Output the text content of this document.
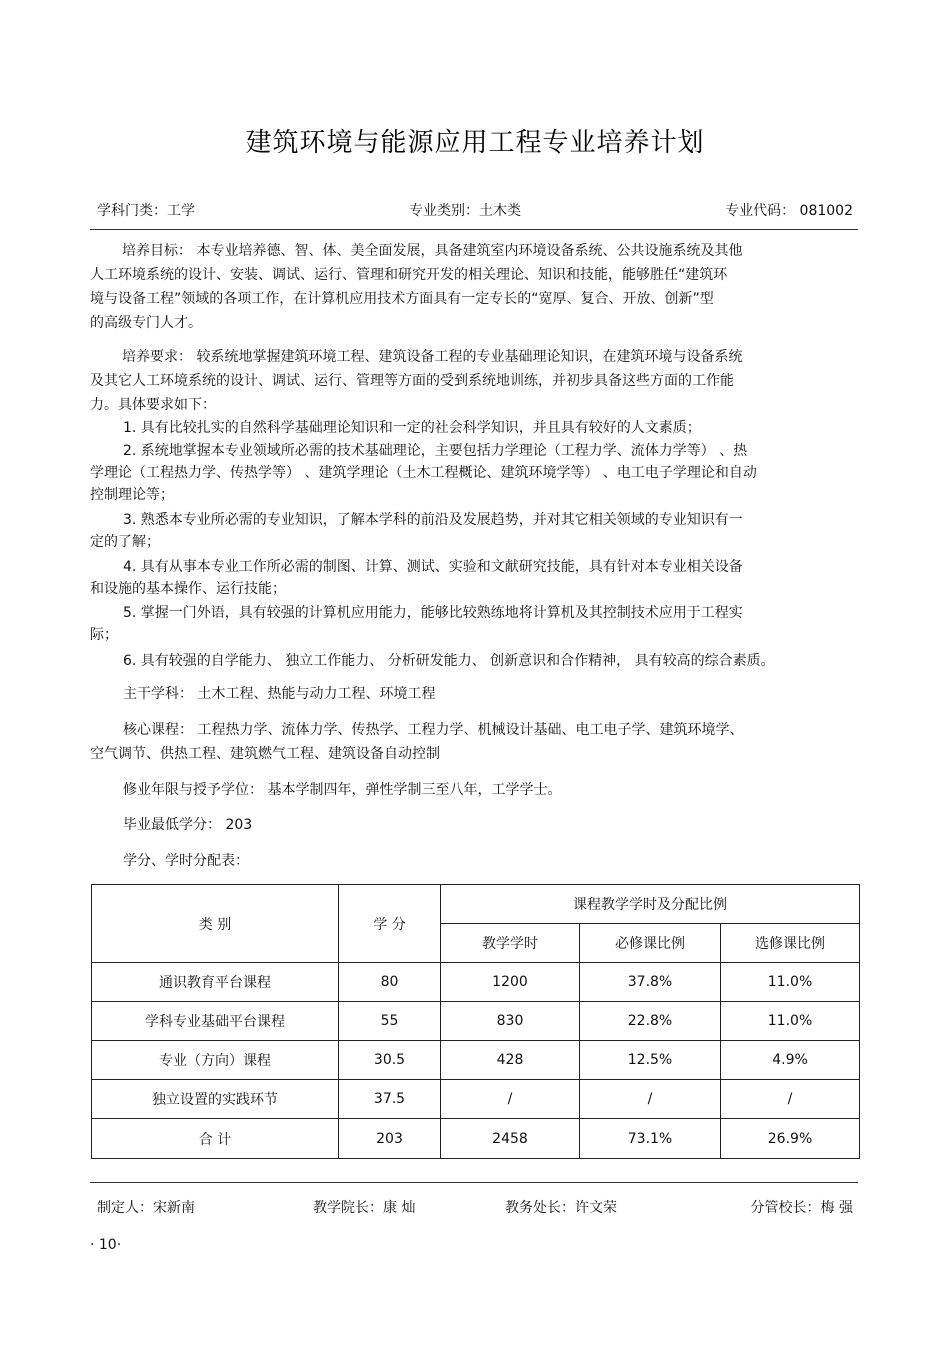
建筑环境与能源应用工程专业培养计划
学科门类：工学	专业类别：土木类	专业代码： 081002
培养目标： 本专业培养德、智、体、美全面发展，具备建筑室内环境设备系统、公共设施系统及其他
人工环境系统的设计、安装、调试、运行、管理和研究开发的相关理论、知识和技能，能够胜任“建筑环
境与设备工程”领域的各项工作，在计算机应用技术方面具有一定专长的“宽厚、复合、开放、创新”型
的高级专门人才。
培养要求： 较系统地掌握建筑环境工程、建筑设备工程的专业基础理论知识，在建筑环境与设备系统
及其它人工环境系统的设计、调试、运行、管理等方面的受到系统地训练，并初步具备这些方面的工作能
力。具体要求如下：
1. 具有比较扎实的自然科学基础理论知识和一定的社会科学知识，并且具有较好的人文素质；
2. 系统地掌握本专业领域所必需的技术基础理论，主要包括力学理论（工程力学、流体力学等） 、热
学理论（工程热力学、传热学等） 、建筑学理论（土木工程概论、建筑环境学等） 、电工电子学理论和自动
控制理论等；
3. 熟悉本专业所必需的专业知识，了解本学科的前沿及发展趋势，并对其它相关领域的专业知识有一
定的了解；
4. 具有从事本专业工作所必需的制图、计算、测试、实验和文献研究技能，具有针对本专业相关设备
和设施的基本操作、运行技能；
5. 掌握一门外语，具有较强的计算机应用能力，能够比较熟练地将计算机及其控制技术应用于工程实
际；
6. 具有较强的自学能力、 独立工作能力、 分析研发能力、 创新意识和合作精神， 具有较高的综合素质。
主干学科： 土木工程、热能与动力工程、环境工程
核心课程： 工程热力学、流体力学、传热学、工程力学、机械设计基础、电工电子学、建筑环境学、
空气调节、供热工程、建筑燃气工程、建筑设备自动控制
修业年限与授予学位： 基本学制四年，弹性学制三至八年，工学学士。
毕业最低学分： 203
学分、学时分配表：
类 别	学 分	课程教学学时及分配比例		
		教学学时	必修课比例	选修课比例
通识教育平台课程	80	1200	37.8%	11.0%
学科专业基础平台课程	55	830	22.8%	11.0%
专业（方向）课程	30.5	428	12.5%	4.9%
独立设置的实践环节	37.5	/	/	/
合 计	203	2458	73.1%	26.9%
制定人：宋新南	教学院长：康 灿	教务处长：许文荣	分管校长：梅 强
· 10·
